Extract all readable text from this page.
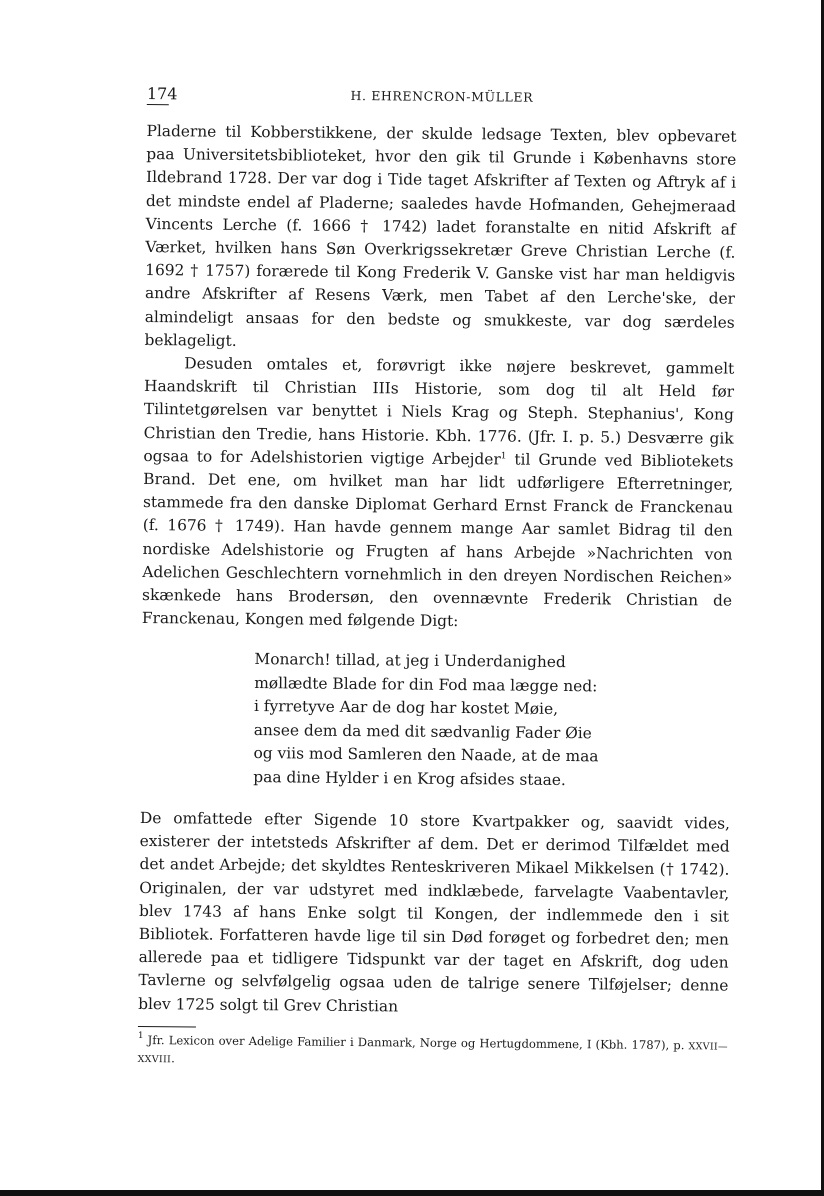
174	H. EHRENCRON-MÜLLER

Pladerne til Kobberstikkene, der skulde ledsage Texten, blev opbevaret paa Universitetsbiblioteket, hvor den gik til Grunde i Københavns store Ildebrand 1728. Der var dog i Tide taget Afskrifter af Texten og Aftryk af i det mindste endel af Pladerne; saaledes havde Hofmanden, Gehejmeraad Vincents Lerche (f. 1666 † 1742) ladet foranstalte en nitid Afskrift af Værket, hvilken hans Søn Overkrigssekretær Greve Christian Lerche (f. 1692 † 1757) forærede til Kong Frederik V. Ganske vist har man heldigvis andre Afskrifter af Resens Værk, men Tabet af den Lerche'ske, der almindeligt ansaas for den bedste og smukkeste, var dog særdeles beklageligt.

Desuden omtales et, forøvrigt ikke nøjere beskrevet, gammelt Haandskrift til Christian IIIs Historie, som dog til alt Held før Tilintetgørelsen var benyttet i Niels Krag og Steph. Stephanius', Kong Christian den Tredie, hans Historie. Kbh. 1776. (Jfr. I. p. 5.) Desværre gik ogsaa to for Adelshistorien vigtige Arbejder$^1$ til Grunde ved Bibliotekets Brand. Det ene, om hvilket man har lidt udførligere Efterretninger, stammede fra den danske Diplomat Gerhard Ernst Franck de Franckenau (f. 1676 † 1749). Han havde gennem mange Aar samlet Bidrag til den nordiske Adelshistorie og Frugten af hans Arbejde »Nachrichten von Adelichen Geschlechtern vornehmlich in den dreyen Nordischen Reichen» skænkede hans Brodersøn, den ovennævnte Frederik Christian de Franckenau, Kongen med følgende Digt:

Monarch! tillad, at jeg i Underdanighed
møllædte Blade for din Fod maa lægge ned:
i fyrretyve Aar de dog har kostet Møie,
ansee dem da med dit sædvanlig Fader Øie
og viis mod Samleren den Naade, at de maa
paa dine Hylder i en Krog afsides staae.

De omfattede efter Sigende 10 store Kvartpakker og, saavidt vides, existerer der intetsteds Afskrifter af dem. Det er derimod Tilfældet med det andet Arbejde; det skyldtes Renteskriveren Mikael Mikkelsen († 1742). Originalen, der var udstyret med indklæbede, farvelagte Vaabentavler, blev 1743 af hans Enke solgt til Kongen, der indlemmede den i sit Bibliotek. Forfatteren havde lige til sin Død forøget og forbedret den; men allerede paa et tidligere Tidspunkt var der taget en Afskrift, dog uden Tavlerne og selvfølgelig ogsaa uden de talrige senere Tilføjelser; denne blev 1725 solgt til Grev Christian

$^1$ Jfr. Lexicon over Adelige Familier i Danmark, Norge og Hertugdommene, I (Kbh. 1787), p. XXVII—XXVIII.
